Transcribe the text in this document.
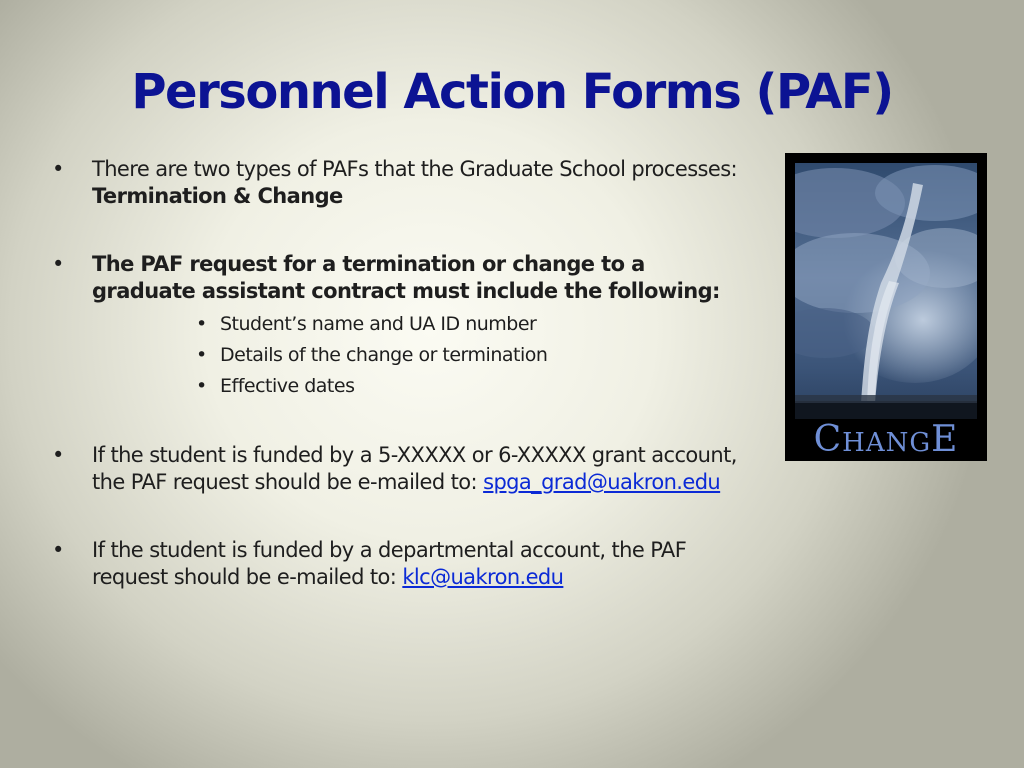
Personnel Action Forms (PAF)
• There are two types of PAFs that the Graduate School processes: Termination & Change
• The PAF request for a termination or change to a graduate assistant contract must include the following:
• Student’s name and UA ID number
• Details of the change or termination
• Effective dates
• If the student is funded by a 5-XXXXX or 6-XXXXX grant account, the PAF request should be e-mailed to: spga_grad@uakron.edu
• If the student is funded by a departmental account, the PAF request should be e-mailed to: klc@uakron.edu
CHANGE
